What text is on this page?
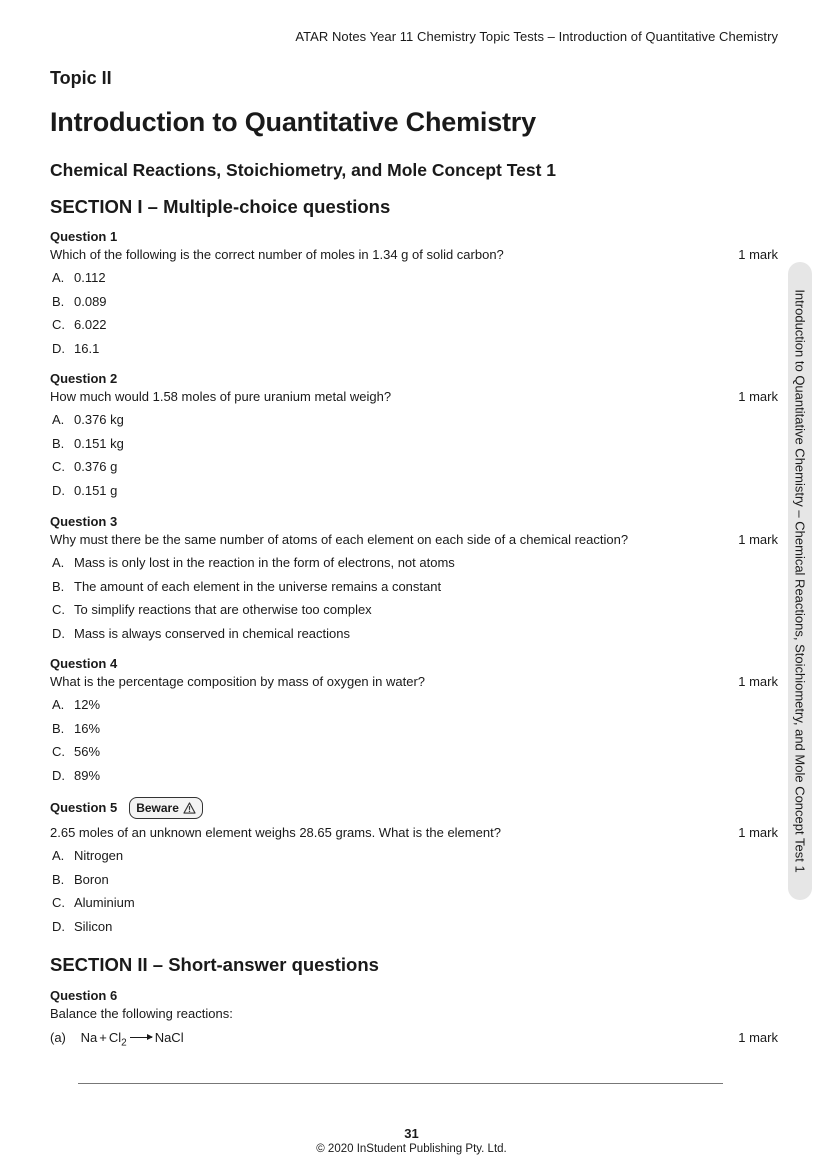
ATAR Notes Year 11 Chemistry Topic Tests – Introduction of Quantitative Chemistry
Topic II
Introduction to Quantitative Chemistry
Chemical Reactions, Stoichiometry, and Mole Concept Test 1
SECTION I – Multiple-choice questions
Question 1
Which of the following is the correct number of moles in 1.34 g of solid carbon?	1 mark
A. 0.112
B. 0.089
C. 6.022
D. 16.1
Question 2
How much would 1.58 moles of pure uranium metal weigh?	1 mark
A. 0.376 kg
B. 0.151 kg
C. 0.376 g
D. 0.151 g
Question 3
Why must there be the same number of atoms of each element on each side of a chemical reaction?	1 mark
A. Mass is only lost in the reaction in the form of electrons, not atoms
B. The amount of each element in the universe remains a constant
C. To simplify reactions that are otherwise too complex
D. Mass is always conserved in chemical reactions
Question 4
What is the percentage composition by mass of oxygen in water?	1 mark
A. 12%
B. 16%
C. 56%
D. 89%
Question 5 Beware
2.65 moles of an unknown element weighs 28.65 grams. What is the element?	1 mark
A. Nitrogen
B. Boron
C. Aluminium
D. Silicon
SECTION II – Short-answer questions
Question 6
Balance the following reactions:
(a) $Na + Cl_2$ → NaCl	1 mark
Introduction to Quantitative Chemistry – Chemical Reactions, Stoichiometry, and Mole Concept Test 1
31
© 2020 InStudent Publishing Pty. Ltd.
